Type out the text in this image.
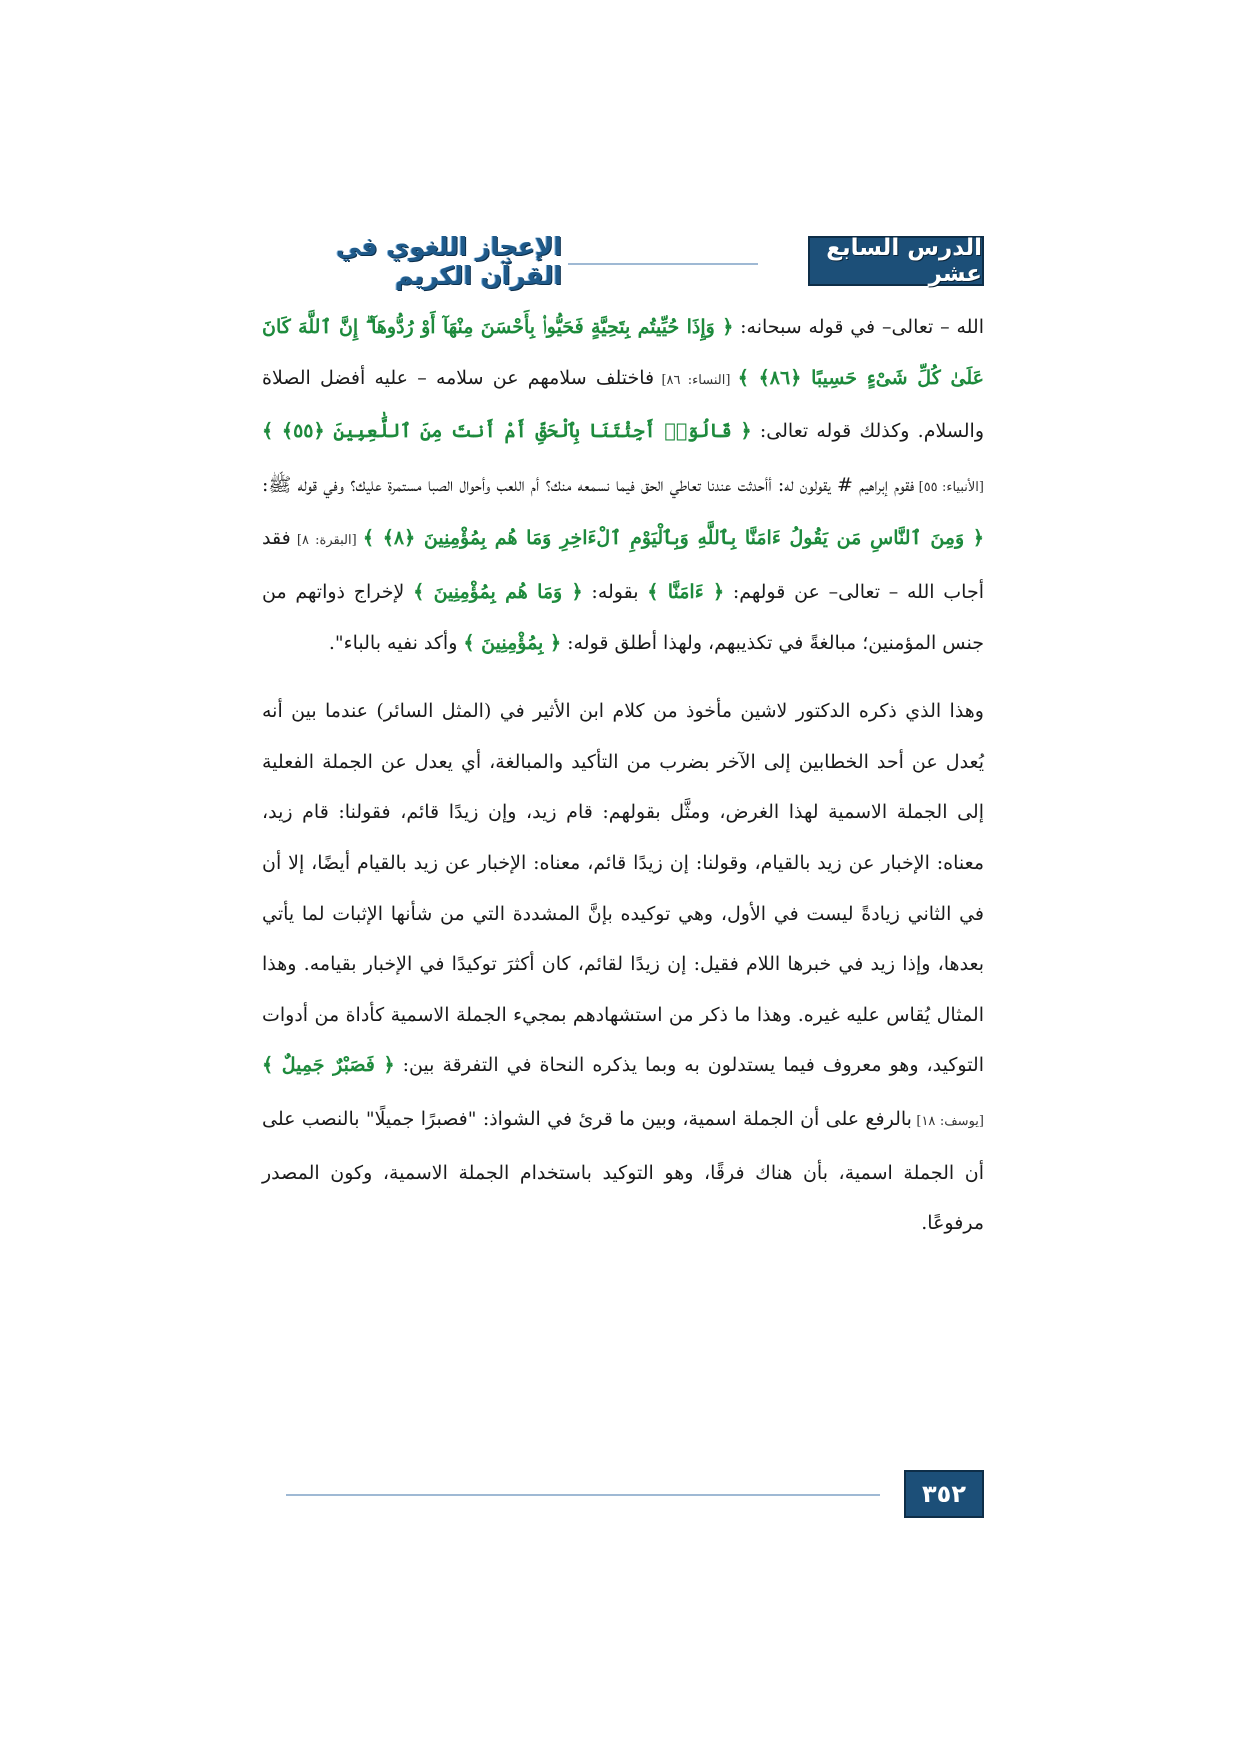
الإعجاز اللغوي في القرآن الكريم
الدرس السابع عشر

الله – تعالى– في قوله سبحانه: ﴿ وَإِذَا حُيِّيتُم بِتَحِيَّةٍ فَحَيُّوا۟ بِأَحْسَنَ مِنْهَآ أَوْ رُدُّوهَآ ۗ إِنَّ ٱللَّهَ كَانَ عَلَىٰ كُلِّ شَىْءٍ حَسِيبًا ﴿٨٦﴾ ﴾ [النساء: ٨٦] فاختلف سلامهم عن سلامه – عليه أفضل الصلاة والسلام. وكذلك قوله تعالى: ﴿ قَالُوٓا۟ أَجِئْتَنَا بِٱلْحَقِّ أَمْ أَنتَ مِنَ ٱللَّٰعِبِينَ ﴿٥٥﴾ ﴾ [الأنبياء: ٥٥] فقوم إبراهيم # يقولون له: أأحدثت عندنا تعاطي الحق فيما نسمعه منك؟ أم اللعب وأحوال الصبا مستمرة عليك؟ وفي قوله ﷺ: ﴿ وَمِنَ ٱلنَّاسِ مَن يَقُولُ ءَامَنَّا بِٱللَّهِ وَبِٱلْيَوْمِ ٱلْءَاخِرِ وَمَا هُم بِمُؤْمِنِينَ ﴿٨﴾ ﴾ [البقرة: ٨] فقد أجاب الله – تعالى– عن قولهم: ﴿ ءَامَنَّا ﴾ بقوله: ﴿ وَمَا هُم بِمُؤْمِنِينَ ﴾ لإخراج ذواتهم من جنس المؤمنين؛ مبالغةً في تكذيبهم، ولهذا أطلق قوله: ﴿ بِمُؤْمِنِينَ ﴾ وأكد نفيه بالباء".

وهذا الذي ذكره الدكتور لاشين مأخوذ من كلام ابن الأثير في (المثل السائر) عندما بين أنه يُعدل عن أحد الخطابين إلى الآخر بضرب من التأكيد والمبالغة، أي يعدل عن الجملة الفعلية إلى الجملة الاسمية لهذا الغرض، ومثَّل بقولهم: قام زيد، وإن زيدًا قائم، فقولنا: قام زيد، معناه: الإخبار عن زيد بالقيام، وقولنا: إن زيدًا قائم، معناه: الإخبار عن زيد بالقيام أيضًا، إلا أن في الثاني زيادةً ليست في الأول، وهي توكيده بإنَّ المشددة التي من شأنها الإثبات لما يأتي بعدها، وإذا زيد في خبرها اللام فقيل: إن زيدًا لقائم، كان أكثرَ توكيدًا في الإخبار بقيامه. وهذا المثال يُقاس عليه غيره. وهذا ما ذكر من استشهادهم بمجيء الجملة الاسمية كأداة من أدوات التوكيد، وهو معروف فيما يستدلون به وبما يذكره النحاة في التفرقة بين: ﴿ فَصَبْرٌ جَمِيلٌ ﴾ [يوسف: ١٨] بالرفع على أن الجملة اسمية، وبين ما قرئ في الشواذ: "فصبرًا جميلًا" بالنصب على أن الجملة اسمية، بأن هناك فرقًا، وهو التوكيد باستخدام الجملة الاسمية، وكون المصدر مرفوعًا.

٣٥٢
